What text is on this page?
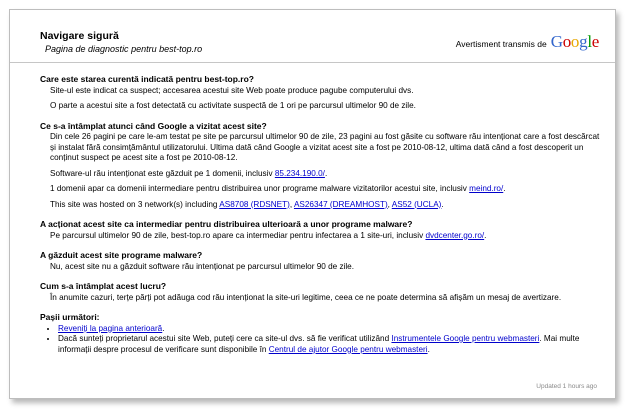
Navigare sigură
Pagina de diagnostic pentru best-top.ro
Avertisment transmis de Google
Care este starea curentă indicată pentru best-top.ro?
Site-ul este indicat ca suspect; accesarea acestui site Web poate produce pagube computerului dvs.
O parte a acestui site a fost detectată cu activitate suspectă de 1 ori pe parcursul ultimelor 90 de zile.
Ce s-a întâmplat atunci când Google a vizitat acest site?
Din cele 26 pagini pe care le-am testat pe site pe parcursul ultimelor 90 de zile, 23 pagini au fost găsite cu software rău intenționat care a fost descărcat și instalat fără consimțământul utilizatorului. Ultima dată când Google a vizitat acest site a fost pe 2010-08-12, ultima dată când a fost descoperit un conținut suspect pe acest site a fost pe 2010-08-12.
Software-ul rău intenționat este găzduit pe 1 domenii, inclusiv 85.234.190.0/.
1 domenii apar ca domenii intermediare pentru distribuirea unor programe malware vizitatorilor acestui site, inclusiv meind.ro/.
This site was hosted on 3 network(s) including AS8708 (RDSNET), AS26347 (DREAMHOST), AS52 (UCLA).
A acționat acest site ca intermediar pentru distribuirea ulterioară a unor programe malware?
Pe parcursul ultimelor 90 de zile, best-top.ro apare ca intermediar pentru infectarea a 1 site-uri, inclusiv dvdcenter.go.ro/.
A găzduit acest site programe malware?
Nu, acest site nu a găzduit software rău intenționat pe parcursul ultimelor 90 de zile.
Cum s-a întâmplat acest lucru?
În anumite cazuri, terțe părți pot adăuga cod rău intenționat la site-uri legitime, ceea ce ne poate determina să afișăm un mesaj de avertizare.
Pașii următori:
• Reveniți la pagina anterioară.
• Dacă sunteți proprietarul acestui site Web, puteți cere ca site-ul dvs. să fie verificat utilizând Instrumentele Google pentru webmasteri. Mai multe informații despre procesul de verificare sunt disponibile în Centrul de ajutor Google pentru webmasteri.
Updated 1 hours ago
